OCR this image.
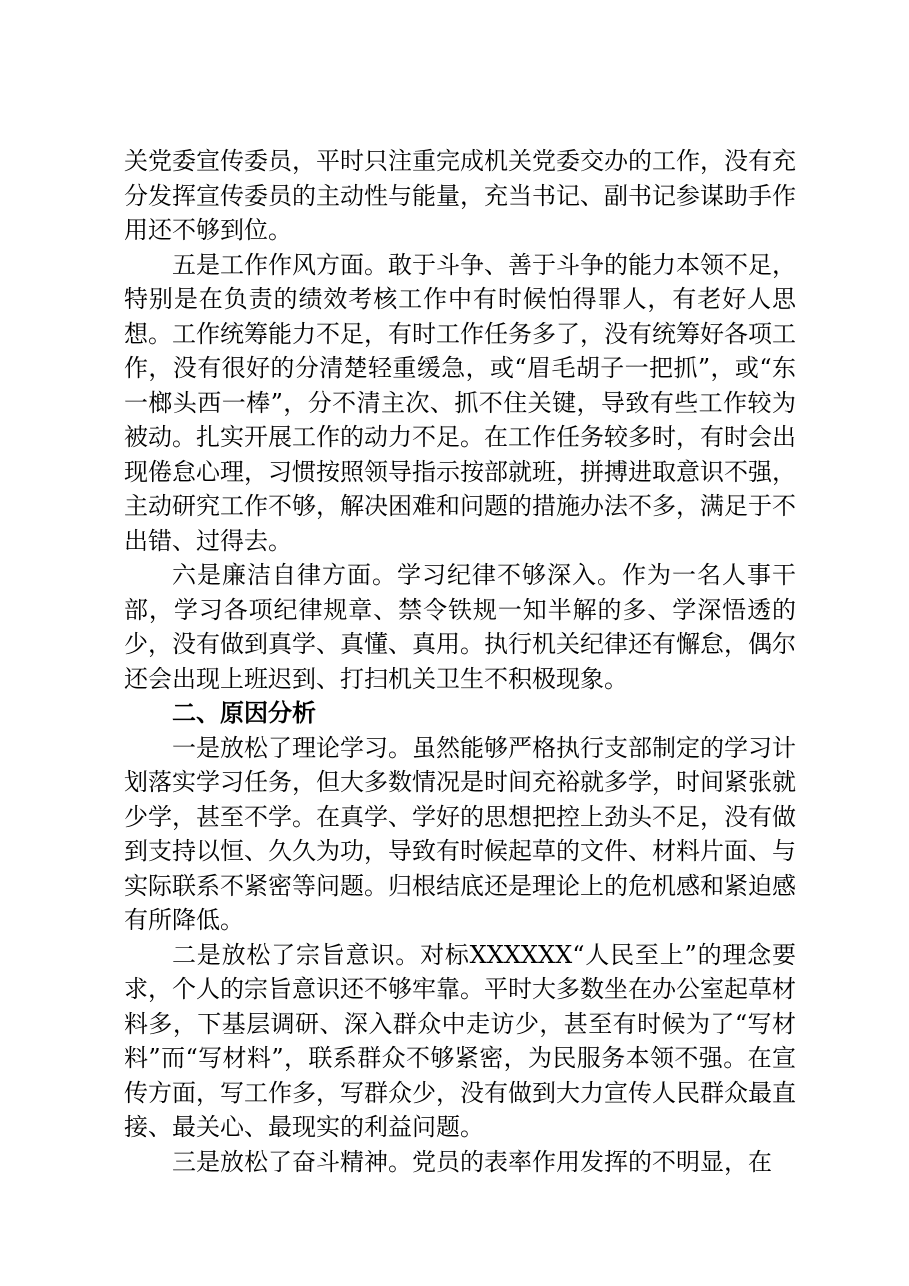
关党委宣传委员，平时只注重完成机关党委交办的工作，没有充分发挥宣传委员的主动性与能量，充当书记、副书记参谋助手作用还不够到位。

五是工作作风方面。敢于斗争、善于斗争的能力本领不足，特别是在负责的绩效考核工作中有时候怕得罪人，有老好人思想。工作统筹能力不足，有时工作任务多了，没有统筹好各项工作，没有很好的分清楚轻重缓急，或“眉毛胡子一把抓”，或“东一榔头西一棒”，分不清主次、抓不住关键，导致有些工作较为被动。扎实开展工作的动力不足。在工作任务较多时，有时会出现倦怠心理，习惯按照领导指示按部就班，拼搏进取意识不强，主动研究工作不够，解决困难和问题的措施办法不多，满足于不出错、过得去。

六是廉洁自律方面。学习纪律不够深入。作为一名人事干部，学习各项纪律规章、禁令铁规一知半解的多、学深悟透的少，没有做到真学、真懂、真用。执行机关纪律还有懈怠，偶尔还会出现上班迟到、打扫机关卫生不积极现象。

二、原因分析

一是放松了理论学习。虽然能够严格执行支部制定的学习计划落实学习任务，但大多数情况是时间充裕就多学，时间紧张就少学，甚至不学。在真学、学好的思想把控上劲头不足，没有做到支持以恒、久久为功，导致有时候起草的文件、材料片面、与实际联系不紧密等问题。归根结底还是理论上的危机感和紧迫感有所降低。

二是放松了宗旨意识。对标XXXXXX“人民至上”的理念要求，个人的宗旨意识还不够牢靠。平时大多数坐在办公室起草材料多，下基层调研、深入群众中走访少，甚至有时候为了“写材料”而“写材料”，联系群众不够紧密，为民服务本领不强。在宣传方面，写工作多，写群众少，没有做到大力宣传人民群众最直接、最关心、最现实的利益问题。

三是放松了奋斗精神。党员的表率作用发挥的不明显，在
